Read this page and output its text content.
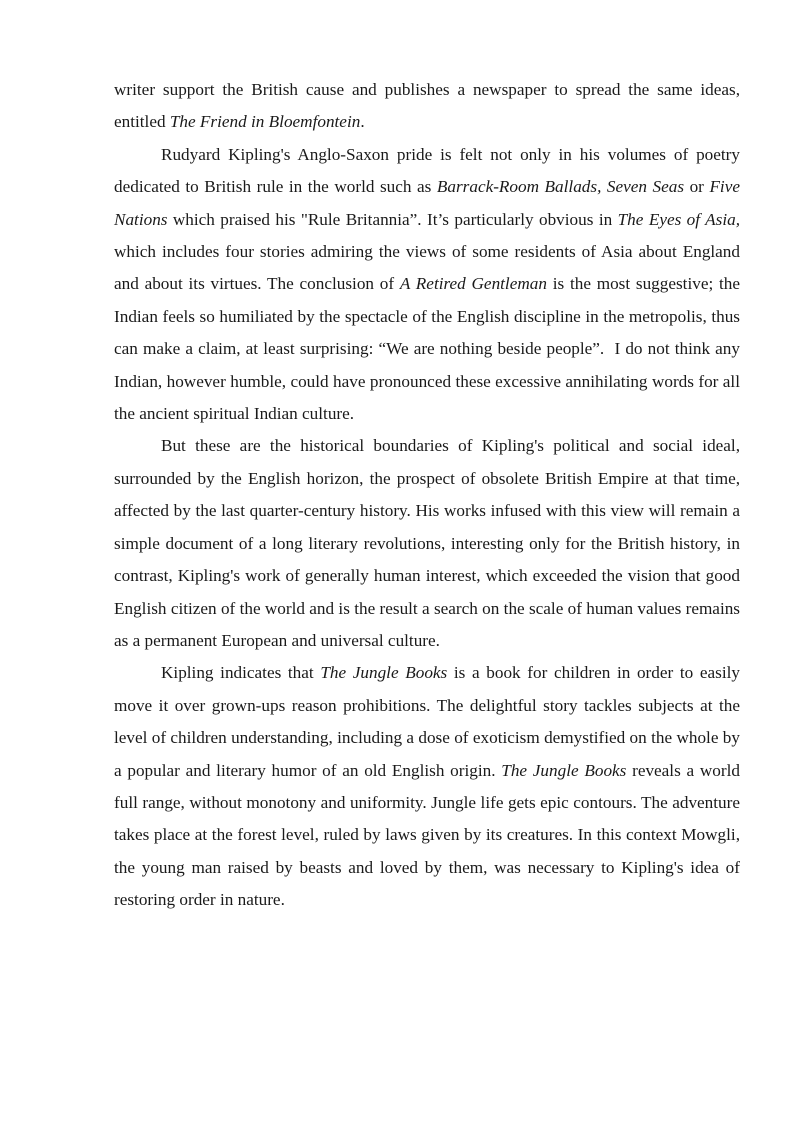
writer support the British cause and publishes a newspaper to spread the same ideas, entitled The Friend in Bloemfontein.

Rudyard Kipling's Anglo-Saxon pride is felt not only in his volumes of poetry dedicated to British rule in the world such as Barrack-Room Ballads, Seven Seas or Five Nations which praised his "Rule Britannia”. It’s particularly obvious in The Eyes of Asia, which includes four stories admiring the views of some residents of Asia about England and about its virtues. The conclusion of A Retired Gentleman is the most suggestive; the Indian feels so humiliated by the spectacle of the English discipline in the metropolis, thus can make a claim, at least surprising: “We are nothing beside people”.  I do not think any Indian, however humble, could have pronounced these excessive annihilating words for all the ancient spiritual Indian culture.

But these are the historical boundaries of Kipling's political and social ideal, surrounded by the English horizon, the prospect of obsolete British Empire at that time, affected by the last quarter-century history. His works infused with this view will remain a simple document of a long literary revolutions, interesting only for the British history, in contrast, Kipling's work of generally human interest, which exceeded the vision that good English citizen of the world and is the result a search on the scale of human values remains as a permanent European and universal culture.

Kipling indicates that The Jungle Books is a book for children in order to easily move it over grown-ups reason prohibitions. The delightful story tackles subjects at the level of children understanding, including a dose of exoticism demystified on the whole by a popular and literary humor of an old English origin. The Jungle Books reveals a world full range, without monotony and uniformity. Jungle life gets epic contours. The adventure takes place at the forest level, ruled by laws given by its creatures. In this context Mowgli, the young man raised by beasts and loved by them, was necessary to Kipling's idea of restoring order in nature.
